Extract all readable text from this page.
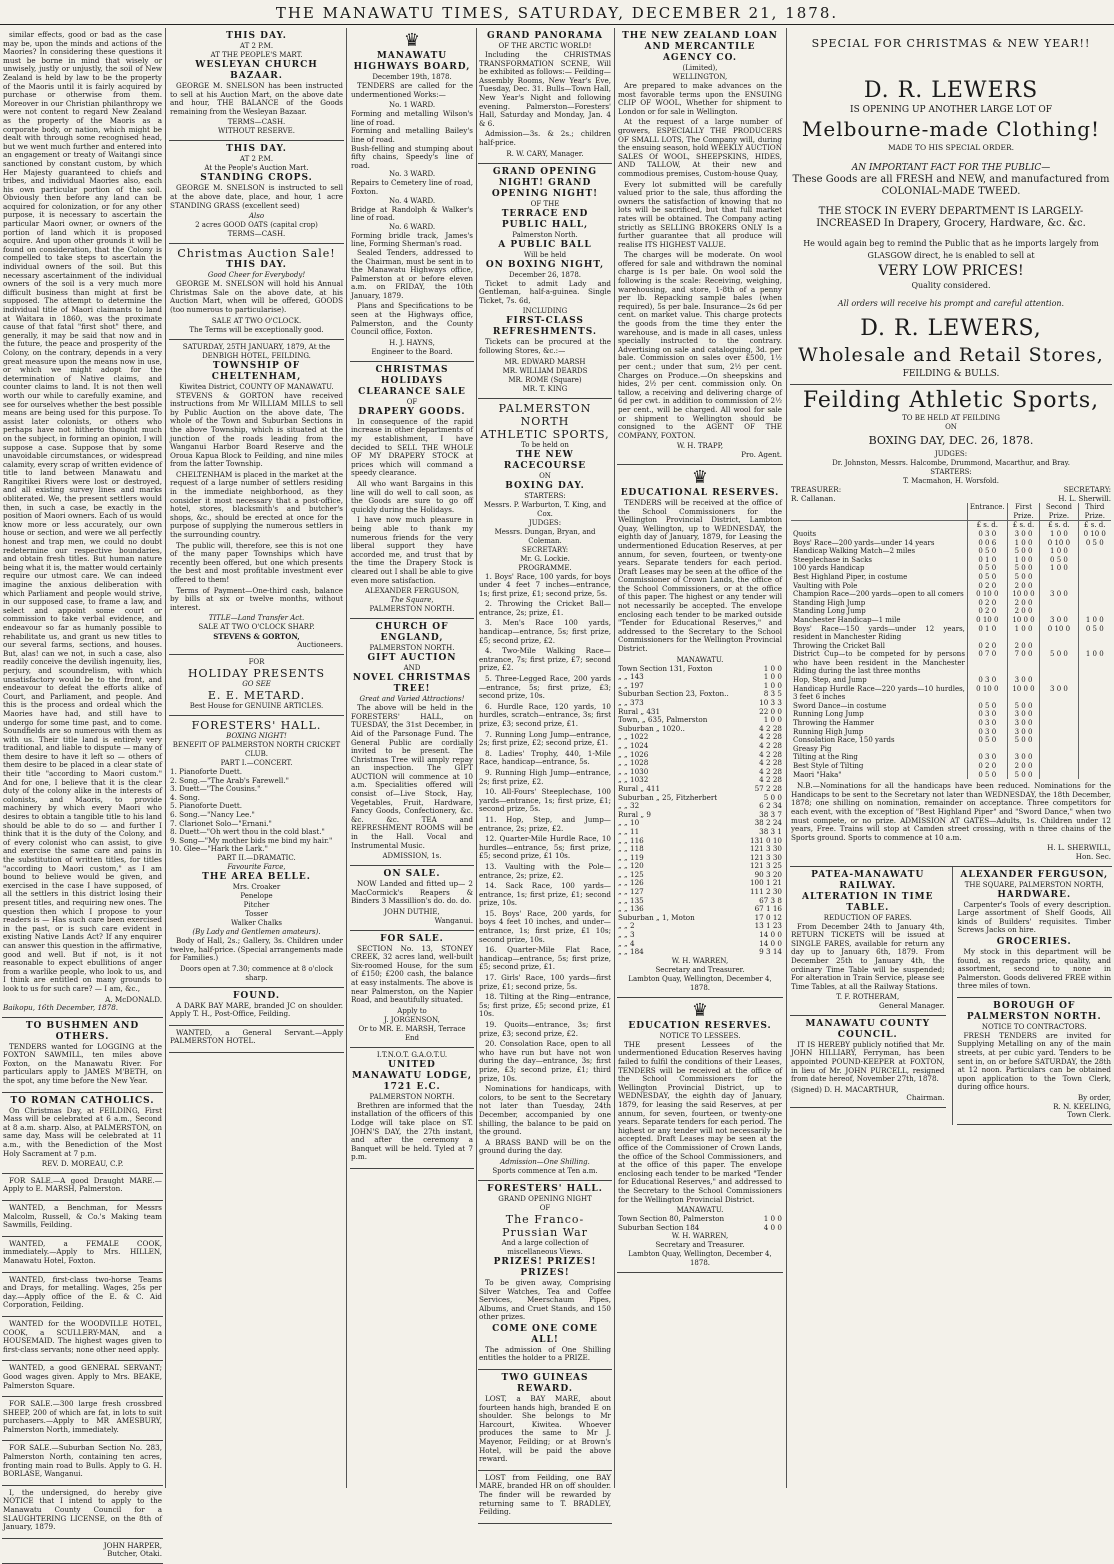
THE MANAWATU TIMES, SATURDAY, DECEMBER 21, 1878.

similar effects, good or bad as the case may be, upon the minds and actions of the Maories? In considering these questions it must be borne in mind that wisely or unwisely, justly or unjustly, the soil of New Zealand is held by law to be the property of the Maoris until it is fairly acquired by purchase or otherwise from them. Moreover in our Christian philanthropy we were not content to regard New Zealand as the property of the Maoris as a corporate body, or nation, which might be dealt with through some recognised head, but we went much further and entered into an engagement or treaty of Waitangi since sanctioned by constant custom, by which Her Majesty guaranteed to chiefs and tribes, and individual Maories also, each his own particular portion of the soil. Obviously then before any land can be acquired for colonization, or for any other purpose, it is necessary to ascertain the particular Maori owner, or owners of the portion of land which it is proposed acquire. And upon other grounds it will be found on consideration, that the Colony is compelled to take steps to ascertain the individual owners of the soil. But this necessary ascertainment of the individual owners of the soil is a very much more difficult business than might at first be supposed. The attempt to determine the individual title of Maori claimants to land at Waitara in 1860, was the proximate cause of that fatal "first shot" there, and generally, it may be said that now and in the future, the peace and prosperity of the Colony, on the contrary, depends in a very great measure upon the means now in use, or which we might adopt for the determination of Native claims, and counter claims to land. It is not then well worth our while to carefully examine, and see for ourselves whether the best possible means are being used for this purpose. To assist later colonists, or others who perhaps have not hitherto thought much on the subject, in forming an opinion, I will suppose a case. Suppose that by some unavoidable circumstances, or widespread calamity, every scrap of written evidence of title to land between Manawatu and Rangitikei Rivers were lost or destroyed, and all existing survey lines and marks obliterated. We, the present settlers would then, in such a case, be exactly in the position of Maori owners. Each of us would know more or less accurately, our own house or section, and were we all perfectly honest and trap men, we could no doubt redetermine our respective boundaries, and obtain fresh titles. But human nature being what it is, the matter would certainly require our utmost care. We can indeed imagine the anxious deliberation with which Parliament and people would strive, in our supposed case, to frame a law, and select and appoint some court or commission to take verbal evidence, and endeavour so far as humanly possible to rehabilitate us, and grant us new titles to our several farms, sections, and houses. But, alas! can we not, in such a case, also readily conceive the devilish ingenuity, lies, perjury, and scoundrelism, with which unsatisfactory would be to the front, and endeavour to defeat the efforts alike of Court, and Parliament, and people. And this is the process and ordeal which the Maories have had, and still have to undergo for some time past, and to come. Soundfields are so numerous with them as with us. Their title land is entirely very traditional, and liable to dispute — many of them desire to have it left so — others of them desire to be placed in a clear state of their title "according to Maori custom." And for one, I believe that it is the clear duty of the colony alike in the interests of colonists, and Maoris, to provide machinery by which every Maori who desires to obtain a tangible title to his land should be able to do so — and further I think that it is the duty of the Colony, and of every colonist who can assist, to give and exercise the same care and pains in the substitution of written titles, for titles "according to Maori custom," as I am bound to believe would be given, and exercised in the case I have supposed, of all the settlers in this district losing their present titles, and requiring new ones. The question then which I propose to your readers is — Has such care been exercised in the past, or is such care evident in existing Native Lands Act? If any enquirer can answer this question in the affirmative, good and well. But if not, is it not reasonable to expect ebullitions of anger from a warlike people, who look to us, and I think are entitled on many grounds to look to us for such care? — I am, &c.,

A. McDONALD.
Baikopu, 16th December, 1878.
TO BUSHMEN AND OTHERS.

TENDERS wanted for LOGGING at the FOXTON SAWMILL, ten miles above Foxton, on the Manawatu River. For particulars apply to JAMES M'BETH, on the spot, any time before the New Year.

TO ROMAN CATHOLICS.

On Christmas Day, at FEILDING, First Mass will be celebrated at 6 a.m., Second at 8 a.m. sharp. Also, at PALMERSTON, on same day, Mass will be celebrated at 11 a.m., with the Benediction of the Most Holy Sacrament at 7 p.m.

REV. D. MOREAU, C.P.

FOR SALE.—A good Draught MARE.—Apply to E. MARSH, Palmerston.

WANTED, a Benchman, for Messrs Malcolm, Russell, & Co.'s Making team Sawmills, Feilding.

WANTED, a FEMALE COOK, immediately.—Apply to Mrs. HILLEN, Manawatu Hotel, Foxton.

WANTED, first-class two-horse Teams and Drays, for metalling. Wages, 25s per day.—Apply office of the E. & C. Aid Corporation, Feilding.

WANTED for the WOODVILLE HOTEL, COOK, a SCULLERY-MAN, and a HOUSEMAID. The highest wages given to first-class servants; none other need apply.

WANTED, a good GENERAL SERVANT; Good wages given. Apply to Mrs. BEAKE, Palmerston Square.

FOR SALE.—300 large fresh crossbred SHEEP, 200 of which are fat, in lots to suit purchasers.—Apply to MR AMESBURY, Palmerston North, immediately.

FOR SALE.—Suburban Section No. 283, Palmerston North, containing ten acres, fronting main road to Bulls. Apply to G. H. BORLASE, Wanganui.

I, the undersigned, do hereby give NOTICE that I intend to apply to the Manawatu County Council for a SLAUGHTERING LICENSE, on the 8th of January, 1879.

JOHN HARPER,
Butcher, Otaki.
THIS DAY.
AT 2 P.M.
AT THE PEOPLE'S MART.
WESLEYAN CHURCH BAZAAR.

GEORGE M. SNELSON has been instructed to sell at his Auction Mart, on the above date and hour, THE BALANCE of the Goods remaining from the Wesleyan Bazaar.

TERMS—CASH.
WITHOUT RESERVE.
THIS DAY.
AT 2 P.M.
At the People's Auction Mart.
STANDING CROPS.

GEORGE M. SNELSON is instructed to sell at the above date, place, and hour, 1 acre STANDING GRASS (excellent seed)

Also
2 acres GOOD OATS (capital crop)
TERMS—CASH.
Christmas Auction Sale!
THIS DAY.
Good Cheer for Everybody!

GEORGE M. SNELSON will hold his Annual Christmas Sale on the above date, at his Auction Mart, when will be offered, GOODS (too numerous to particularise).

SALE AT TWO O'CLOCK.
The Terms will be exceptionally good.
SATURDAY, 25TH JANUARY, 1879, At the DENBIGH HOTEL, FEILDING.
TOWNSHIP OF CHELTENHAM,
Kiwitea District, COUNTY OF MANAWATU.

STEVENS & GORTON have received instructions from Mr WILLIAM MILLS to sell by Public Auction on the above date, The whole of the Town and Suburban Sections in the above Township, which is situated at the junction of the roads leading from the Wanganui Harbor Board Reserve and the Oroua Kapua Block to Feilding, and nine miles from the latter Township.

CHELTENHAM is placed in the market at the request of a large number of settlers residing in the immediate neighborhood, as they consider it most necessary that a post-office, hotel, stores, blacksmith's and butcher's shops, &c., should be erected at once for the purpose of supplying the numerous settlers in the surrounding country.

The public will, therefore, see this is not one of the many paper Townships which have recently been offered, but one which presents the best and most profitable investment ever offered to them!

Terms of Payment—One-third cash, balance by bills at six or twelve months, without interest.

TITLE—Land Transfer Act.
SALE AT TWO O'CLOCK SHARP.
STEVENS & GORTON,
Auctioneers.
FOR
HOLIDAY PRESENTS
GO SEE
E. E. METARD.
Best House for GENUINE ARTICLES.
FORESTERS' HALL.
BOXING NIGHT!
BENEFIT OF PALMERSTON NORTH CRICKET CLUB.
PART I.—CONCERT.
1. Pianoforte Duett.
2. Song.—"The Arab's Farewell."
3. Duett—"The Cousins."
4. Song.
5. Pianoforte Duett.
6. Song.—"Nancy Lee."
7. Clarionet Solo—"Ernani."
8. Duett—"Oh wert thou in the cold blast."
9. Song—"My mother bids me bind my hair."
10. Glee—"Hark the Lark."
PART II.—DRAMATIC.
Favourite Farce,
THE AREA BELLE.
Mrs. Croaker
Penelope
Pitcher
Tosser
Walker Chalks
(By Lady and Gentlemen amateurs).

Body of Hall, 2s.; Gallery, 3s. Children under twelve, half-price. (Special arrangements made for Families.)

Doors open at 7.30; commence at 8 o'clock sharp.
FOUND.

A DARK BAY MARE, branded JC on shoulder. Apply T. H., Post-Office, Feilding.

WANTED, a General Servant.—Apply PALMERSTON HOTEL.

♛
MANAWATU HIGHWAYS BOARD,
December 19th, 1878.

TENDERS are called for the undermentioned Works:—

No. 1 WARD.
Forming and metalling Wilson's line of road.
Forming and metalling Bailey's line of road.
Bush-felling and stumping about fifty chains, Speedy's line of road.
No. 3 WARD.
Repairs to Cemetery line of road, Foxton.
No. 4 WARD.
Bridge at Randolph & Walker's line of road.
No. 6 WARD.
Forming bridle track, James's line, Forming Sherman's road.

Sealed Tenders, addressed to the Chairman, must be sent in to the Manawatu Highways office, Palmerston at or before eleven a.m. on FRIDAY, the 10th January, 1879.

Plans and Specifications to be seen at the Highways office, Palmerston, and the County Council office, Foxton.

H. J. HAYNS,
Engineer to the Board.
CHRISTMAS HOLIDAYS
CLEARANCE SALE
OF
DRAPERY GOODS.

In consequence of the rapid increase in other departments of my establishment, I have decided to SELL THE WHOLE OF MY DRAPERY STOCK at prices which will command a speedy clearance.

All who want Bargains in this line will do well to call soon, as the Goods are sure to go off quickly during the Holidays.

I have now much pleasure in being able to thank my numerous friends for the very liberal support they have accorded me, and trust that by the time the Drapery Stock is cleared out I shall be able to give even more satisfaction.

ALEXANDER FERGUSON,
The Square,
PALMERSTON NORTH.
CHURCH OF ENGLAND,
PALMERSTON NORTH.
GIFT AUCTION
AND
NOVEL CHRISTMAS TREE!
Great and Varied Attractions!

The above will be held in the FORESTERS' HALL, on TUESDAY, the 31st December, in Aid of the Parsonage Fund. The General Public are cordially invited to be present. The Christmas Tree will amply repay an inspection. The GIFT AUCTION will commence at 10 a.m. Specialities offered will consist of—Live Stock, Hay, Vegetables, Fruit, Hardware, Fancy Goods, Confectionery, &c. &c. &c. TEA and REFRESHMENT ROOMS will be in the Hall. Vocal and Instrumental Music.

ADMISSION, 1s.
ON SALE.

NOW Landed and fitted up— 2 MacCormick's Reapers & Binders 3 Massillion's do. do. do.

JOHN DUTHIE,
Wanganui.
FOR SALE.

SECTION No. 13, STONEY CREEK, 32 acres land, well-built Six-roomed House, for the sum of £150; £200 cash, the balance at easy instalments. The above is near Palmerston, on the Napier Road, and beautifully situated.

Apply to
J. JORGENSON,
Or to MR. E. MARSH, Terrace End
I.T.N.O.T. G.A.O.T.U.
UNITED MANAWATU LODGE, 1721 E.C.
PALMERSTON NORTH.

Brethren are informed that the installation of the officers of this Lodge will take place on ST. JOHN'S DAY, the 27th instant, and after the ceremony a Banquet will be held. Tyled at 7 p.m.

GRAND PANORAMA
OF THE ARCTIC WORLD!

Including the CHRISTMAS TRANSFORMATION SCENE, Will be exhibited as follows:— Feilding—Assembly Rooms, New Year's Eve, Tuesday, Dec. 31. Bulls—Town Hall, New Year's Night and following evening. Palmerston—Foresters' Hall, Saturday and Monday, Jan. 4 & 6.

Admission—3s. & 2s.; children half-price.

R. W. CARY, Manager.
GRAND OPENING NIGHT! GRAND OPENING NIGHT!
OF THE
TERRACE END PUBLIC HALL,
Palmerston North.
A PUBLIC BALL
Will be held
ON BOXING NIGHT,
December 26, 1878.

Ticket to admit Lady and Gentleman, half-a-guinea. Single Ticket, 7s. 6d,

INCLUDING
FIRST-CLASS REFRESHMENTS.

Tickets can be procured at the following Stores, &c.:—

MR. EDWARD MARSH
MR. WILLIAM DEARDS
MR. ROME (Square)
MR. T. KING
PALMERSTON NORTH
ATHLETIC SPORTS,
To be held on
THE NEW RACECOURSE
ON
BOXING DAY.
STARTERS:
Messrs. P. Warburton, T. King, and Cox.
JUDGES:
Messrs. Dungan, Bryan, and Coleman.
SECRETARY:
Mr. G. Lockie.
PROGRAMME.

1. Boys' Race, 100 yards, for boys under 4 feet 7 inches—entrance, 1s; first prize, £1; second prize, 5s.

2. Throwing the Cricket Ball—entrance, 2s; prize, £1.

3. Men's Race 100 yards, handicap—entrance, 5s; first prize, £5; second prize, £2.

4. Two-Mile Walking Race—entrance, 7s; first prize, £7; second prize, £2.

5. Three-Legged Race, 200 yards—entrance, 5s; first prize, £3; second prize, 10s.

6. Hurdle Race, 120 yards, 10 hurdles, scratch—entrance, 3s; first prize, £3; second prize, £1.

7. Running Long Jump—entrance, 2s; first prize, £2; second prize, £1.

8. Ladies' Trophy, 440, 1-Mile Race, handicap—entrance, 5s.

9. Running High Jump—entrance, 2s; first prize, £2.

10. All-Fours' Steeplechase, 100 yards—entrance, 1s; first prize, £1; second prize, 5s.

11. Hop, Step, and Jump—entrance, 2s; prize, £2.

12. Quarter-Mile Hurdle Race, 10 hurdles—entrance, 5s; first prize, £5; second prize, £1 10s.

13. Vaulting with the Pole—entrance, 2s; prize, £2.

14. Sack Race, 100 yards—entrance, 1s; first prize, £1; second prize, 10s.

15. Boys' Race, 200 yards, for boys 4 feet 10 inches, and under—entrance, 1s; first prize, £1 10s; second prize, 10s.

16. Quarter-Mile Flat Race, handicap—entrance, 5s; first prize, £5; second prize, £1.

17. Girls' Race, 100 yards—first prize, £1; second prize, 5s.

18. Tilting at the Ring—entrance, 5s; first prize, £5; second prize, £1 10s.

19. Quoits—entrance, 3s; first prize, £3; second prize, £2.

20. Consolation Race, open to all who have run but have not won during the day—entrance, 3s; first prize, £3; second prize, £1; third prize, 10s.

Nominations for handicaps, with colors, to be sent to the Secretary not later than Tuesday, 24th December, accompanied by one shilling, the balance to be paid on the ground.

A BRASS BAND will be on the ground during the day.

Admission—One Shilling.
Sports commence at Ten a.m.
FORESTERS' HALL.
GRAND OPENING NIGHT
OF
The Franco-Prussian War
And a large collection of miscellaneous Views.
PRIZES! PRIZES! PRIZES!

To be given away, Comprising Silver Watches, Tea and Coffee Services, Meerschaum Pipes, Albums, and Cruet Stands, and 150 other prizes.

COME ONE COME ALL!

The admission of One Shilling entitles the holder to a PRIZE.

TWO GUINEAS REWARD.

LOST, a BAY MARE, about fourteen hands high, branded E on shoulder. She belongs to Mr Harcourt, Kiwitea. Whoever produces the same to Mr J. Mayenor, Feilding; or at Brown's Hotel, will be paid the above reward.

LOST from Feilding, one BAY MARE, branded HR on off shoulder. The finder will be rewarded by returning same to T. BRADLEY, Feilding.

THE NEW ZEALAND LOAN AND MERCANTILE AGENCY CO.
(Limited),
WELLINGTON,

Are prepared to make advances on the most favorable terms upon the ENSUING CLIP OF WOOL, Whether for shipment to London or for sale in Wellington.

At the request of a large number of growers, ESPECIALLY THE PRODUCERS OF SMALL LOTS, The Company will, during the ensuing season, hold WEEKLY AUCTION SALES Of WOOL, SHEEPSKINS, HIDES, AND TALLOW, At their new and commodious premises, Custom-house Quay,

Every lot submitted will be carefully valued prior to the sale, thus affording the owners the satisfaction of knowing that no lots will be sacrificed, but that full market rates will be obtained. The Company acting strictly as SELLING BROKERS ONLY Is a further guarantee that all produce will realise ITS HIGHEST VALUE.

The charges will be moderate. On wool offered for sale and withdrawn the nominal charge is 1s per bale. On wool sold the following is the scale: Receiving, weighing, warehousing, and store, 1-8th of a penny per lb. Repacking sample bales (when required), 5s per bale. Insurance—2s 6d per cent. on market value. This charge protects the goods from the time they enter the warehouse, and is made in all cases, unless specially instructed to the contrary. Advertising on sale and cataloguing, 3d. per bale. Commission on sales over £500, 1½ per cent.; under that sum, 2½ per cent. Charges on Produce.—On sheepskins and hides, 2½ per cent. commission only. On tallow, a receiving and delivering charge of 6d per cwt. in addition to commission of 2½ per cent., will be charged. All wool for sale or shipment to Wellington should be consigned to the AGENT OF THE COMPANY, FOXTON.

W. H. TRAPP,
Pro. Agent.
♛
EDUCATIONAL RESERVES.

TENDERS will be received at the office of the School Commissioners for the Wellington Provincial District, Lambton Quay, Wellington, up to WEDNESDAY, the eighth day of January, 1879, for Leasing the undermentioned Education Reserves, at per annum, for seven, fourteen, or twenty-one years. Separate tenders for each period. Draft Leases may be seen at the office of the Commissioner of Crown Lands, the office of the School Commissioners, or at the office of this paper. The highest or any tender will not necessarily be accepted. The envelope enclosing each tender to be marked outside "Tender for Educational Reserves," and addressed to the Secretary to the School Commissioners for the Wellington Provincial District.

MANAWATU.
Town Section 131, Foxton	1 0 0
„ „ 143	1 0 0
„ „ 197	1 0 0
Suburban Section 23, Foxton..	8 3 5
„ „ 373	10 3 3
Rural „ 431	22 0 0
Town, „ 635, Palmerston	1 0 0
Suburban „ 1020..	4 2 28
„ „ 1022	4 2 28
„ „ 1024	4 2 28
„ „ 1026	4 2 28
„ „ 1028	4 2 28
„ „ 1030	4 2 28
„ „ 1032	4 2 28
Rural „ 411	57 2 28
Suburban „ 25, Fitzherbert	5 0 0
„ „ 32	6 2 34
Rural „ 9	38 3 7
„ „ 10	38 2 24
„ „ 11	38 3 1
„ „ 116	131 0 10
„ „ 118	121 3 30
„ „ 119	121 3 30
„ „ 120	121 3 25
„ „ 125	90 3 20
„ „ 126	100 1 21
„ „ 127	111 2 30
„ „ 135	67 3 8
„ „ 136	67 1 16
Suburban „ 1, Moton	17 0 12
„ „ 2	13 1 23
„ „ 3	14 0 0
„ „ 4	14 0 0
„ „ 184	9 3 14
W. H. WARREN,
Secretary and Treasurer.
Lambton Quay, Wellington, December 4, 1878.
♛
EDUCATION RESERVES.
NOTICE TO LESSEES.

THE present Lessees of the undermentioned Education Reserves having failed to fulfil the conditions of their Leases, TENDERS will be received at the office of the School Commissioners for the Wellington Provincial District, up to WEDNESDAY, the eighth day of January, 1879, for leasing the said Reserves, at per annum, for seven, fourteen, or twenty-one years. Separate tenders for each period. The highest or any tender will not necessarily be accepted. Draft Leases may be seen at the office of the Commissioner of Crown Lands, the office of the School Commissioners, and at the office of this paper. The envelope enclosing each tender to be marked "Tender for Educational Reserves," and addressed to the Secretary to the School Commissioners for the Wellington Provincial District.

MANAWATU.
Town Section 80, Palmerston	1 0 0
Suburban Section 184	4 0 0
W. H. WARREN,
Secretary and Treasurer.
Lambton Quay, Wellington, December 4, 1878.
SPECIAL FOR CHRISTMAS & NEW YEAR!!
D. R. LEWERS
IS OPENING UP ANOTHER LARGE LOT OF
Melbourne-made Clothing!
MADE TO HIS SPECIAL ORDER.
AN IMPORTANT FACT FOR THE PUBLIC—
These Goods are all FRESH and NEW, and manufactured from COLONIAL-MADE TWEED.
THE STOCK IN EVERY DEPARTMENT IS LARGELY-INCREASED In Drapery, Grocery, Hardware, &c. &c.
He would again beg to remind the Public that as he imports largely from GLASGOW direct, he is enabled to sell at
VERY LOW PRICES!
Quality considered.
All orders will receive his prompt and careful attention.
D. R. LEWERS,
Wholesale and Retail Stores,
FEILDING & BULLS.
Feilding Athletic Sports,
TO BE HELD AT FEILDING
ON
BOXING DAY, DEC. 26, 1878.
JUDGES:
Dr. Johnston, Messrs. Halcombe, Drummond, Macarthur, and Bray.
STARTERS:
T. Macmahon, H. Worsfold.
TREASURER:	SECRETARY:
R. Callanan.	H. L. Sherwill.
	Entrance.	First Prize.	Second Prize.	Third Prize.
	£ s. d.	£ s. d.	£ s. d.	£ s. d.
Quoits	0 3 0	3 0 0	1 0 0	0 10 0
Boys' Race—200 yards—under 14 years	0 0 6	1 0 0	0 10 0	0 5 0
Handicap Walking Match—2 miles	0 5 0	5 0 0	1 0 0	
Steeplechase in Sacks	0 1 0	1 0 0	0 5 0	
100 yards Handicap	0 5 0	5 0 0	1 0 0	
Best Highland Piper, in costume	0 5 0	5 0 0		
Vaulting with Pole	0 2 0	2 0 0		
Champion Race—200 yards—open to all comers	0 10 0	10 0 0	3 0 0	
Standing High Jump	0 2 0	2 0 0		
Standing Long Jump	0 2 0	2 0 0		
Manchester Handicap—1 mile	0 10 0	10 0 0	3 0 0	1 0 0
Boys' Race—150 yards—under 12 years, resident in Manchester Riding	0 1 0	1 0 0	0 10 0	0 5 0
Throwing the Cricket Ball	0 2 0	2 0 0		
District Cup—to be competed for by persons who have been resident in the Manchester Riding during the last three months	0 7 0	7 0 0	5 0 0	1 0 0
Hop, Step, and Jump	0 3 0	3 0 0		
Handicap Hurdle Race—220 yards—10 hurdles, 3 feet 6 inches	0 10 0	10 0 0	3 0 0	
Sword Dance—in costume	0 5 0	5 0 0		
Running Long Jump	0 3 0	3 0 0		
Throwing the Hammer	0 3 0	3 0 0		
Running High Jump	0 3 0	3 0 0		
Consolation Race, 150 yards	0 5 0	5 0 0		
Greasy Pig				
Tilting at the Ring	0 3 0	3 0 0		
Best Style of Tilting	0 2 0	2 0 0		
Maori "Haka"	0 5 0	5 0 0		

N.B.—Nominations for all the handicaps have been reduced. Nominations for the Handicaps to be sent to the Secretary not later than WEDNESDAY, the 18th December, 1878; one shilling on nomination, remainder on acceptance. Three competitors for each event, with the exception of "Best Highland Piper" and "Sword Dance," when two must compete, or no prize. ADMISSION AT GATES—Adults, 1s. Children under 12 years, Free. Trains will stop at Camden street crossing, with n three chains of the Sports ground. Sports to commence at 10 a.m.

H. L. SHERWILL,
Hon. Sec.
PATEA-MANAWATU RAILWAY.
ALTERATION IN TIME TABLE.
REDUCTION OF FARES.

From December 24th to January 4th, RETURN TICKETS will be issued at SINGLE FARES, available for return any day up to January 6th, 1879. From December 25th to January 4th, the ordinary Time Table will be suspended; For alteration in Train Service, please see Time Tables, at all the Railway Stations.

T. F. ROTHERAM,
General Manager.
MANAWATU COUNTY COUNCIL.

IT IS HEREBY publicly notified that Mr. JOHN HILLIARY, Ferryman, has been appointed POUND-KEEPER at FOXTON, in lieu of Mr. JOHN PURCELL, resigned from date hereof, November 27th, 1878.

(Signed) D. H. MACARTHUR,
Chairman.
ALEXANDER FERGUSON,
THE SQUARE, PALMERSTON NORTH,
HARDWARE.

Carpenter's Tools of every description. Large assortment of Shelf Goods, All kinds of Builders' requisites. Timber Screws Jacks on hire.

GROCERIES.

My stock in this department will be found, as regards price, quality, and assortment, second to none in Palmerston. Goods delivered FREE within three miles of town.

BOROUGH OF PALMERSTON NORTH.
NOTICE TO CONTRACTORS.

FRESH TENDERS are invited for Supplying Metalling on any of the main streets, at per cubic yard. Tenders to be sent in, on or before SATURDAY, the 28th at 12 noon. Particulars can be obtained upon application to the Town Clerk, during office hours.

By order,
R. N. KEELING,
Town Clerk.
